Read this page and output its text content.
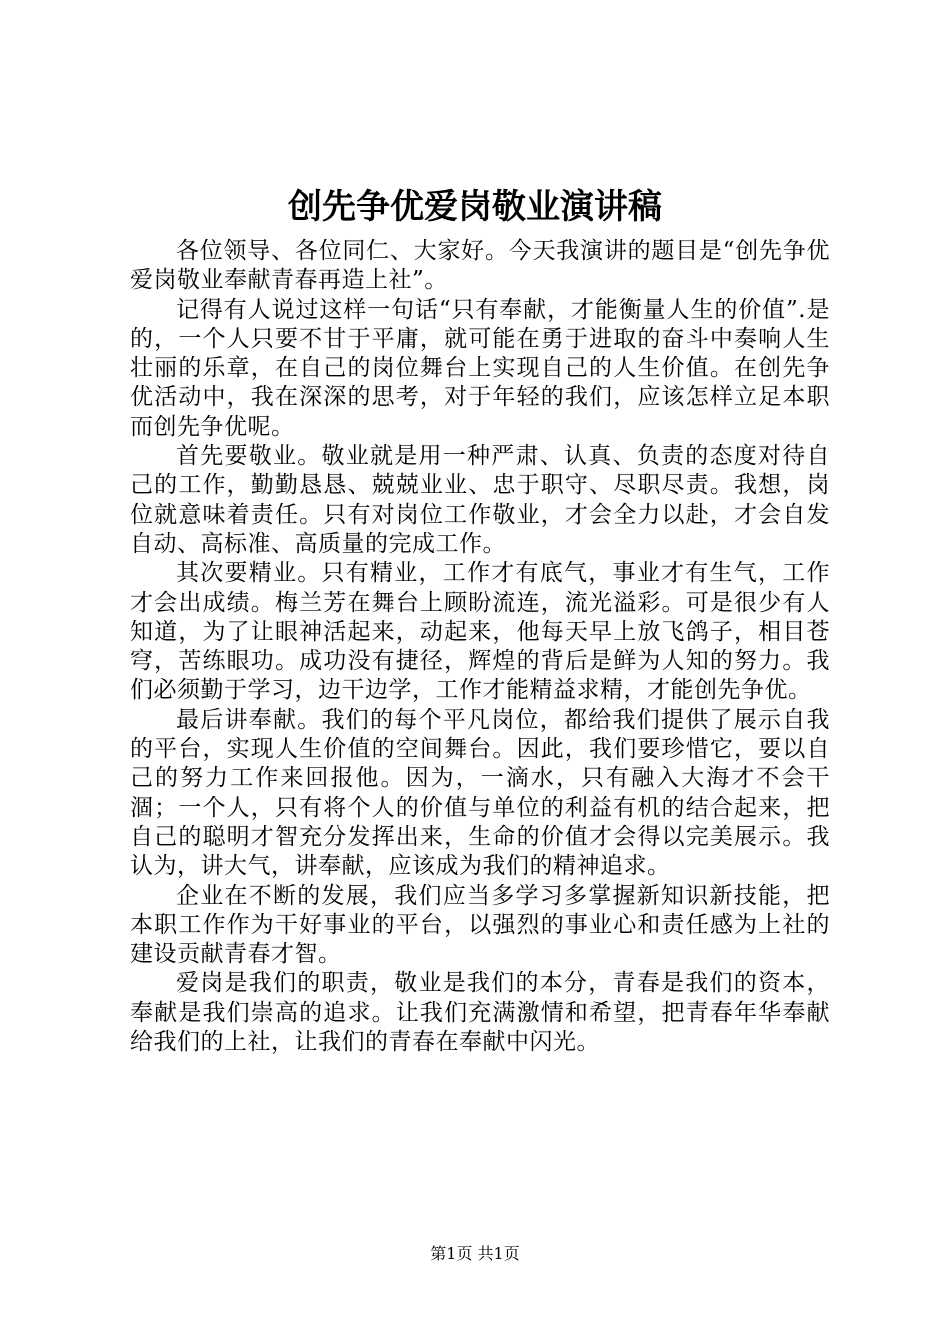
创先争优爱岗敬业演讲稿

各位领导、各位同仁、大家好。今天我演讲的题目是“创先争优爱岗敬业奉献青春再造上社”。

记得有人说过这样一句话“只有奉献，才能衡量人生的价值”.是的，一个人只要不甘于平庸，就可能在勇于进取的奋斗中奏响人生壮丽的乐章，在自己的岗位舞台上实现自己的人生价值。在创先争优活动中，我在深深的思考，对于年轻的我们，应该怎样立足本职而创先争优呢。

首先要敬业。敬业就是用一种严肃、认真、负责的态度对待自己的工作，勤勤恳恳、兢兢业业、忠于职守、尽职尽责。我想，岗位就意味着责任。只有对岗位工作敬业，才会全力以赴，才会自发自动、高标准、高质量的完成工作。

其次要精业。只有精业，工作才有底气，事业才有生气，工作才会出成绩。梅兰芳在舞台上顾盼流连，流光溢彩。可是很少有人知道，为了让眼神活起来，动起来，他每天早上放飞鸽子，相目苍穹，苦练眼功。成功没有捷径，辉煌的背后是鲜为人知的努力。我们必须勤于学习，边干边学，工作才能精益求精，才能创先争优。

最后讲奉献。我们的每个平凡岗位，都给我们提供了展示自我的平台，实现人生价值的空间舞台。因此，我们要珍惜它，要以自己的努力工作来回报他。因为，一滴水，只有融入大海才不会干涸；一个人，只有将个人的价值与单位的利益有机的结合起来，把自己的聪明才智充分发挥出来，生命的价值才会得以完美展示。我认为，讲大气，讲奉献，应该成为我们的精神追求。

企业在不断的发展，我们应当多学习多掌握新知识新技能，把本职工作作为干好事业的平台，以强烈的事业心和责任感为上社的建设贡献青春才智。

爱岗是我们的职责，敬业是我们的本分，青春是我们的资本，奉献是我们崇高的追求。让我们充满激情和希望，把青春年华奉献给我们的上社，让我们的青春在奉献中闪光。

第1页 共1页
